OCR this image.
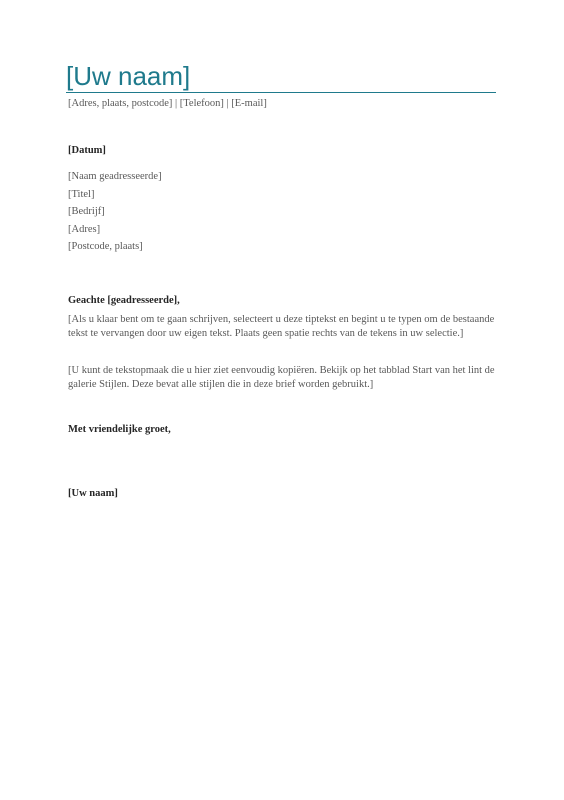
[Uw naam]
[Adres, plaats, postcode] | [Telefoon] | [E-mail]
[Datum]
[Naam geadresseerde]
[Titel]
[Bedrijf]
[Adres]
[Postcode, plaats]
Geachte [geadresseerde],
[Als u klaar bent om te gaan schrijven, selecteert u deze tiptekst en begint u te typen om de bestaande tekst te vervangen door uw eigen tekst. Plaats geen spatie rechts van de tekens in uw selectie.]
[U kunt de tekstopmaak die u hier ziet eenvoudig kopiëren. Bekijk op het tabblad Start van het lint de galerie Stijlen. Deze bevat alle stijlen die in deze brief worden gebruikt.]
Met vriendelijke groet,
[Uw naam]
